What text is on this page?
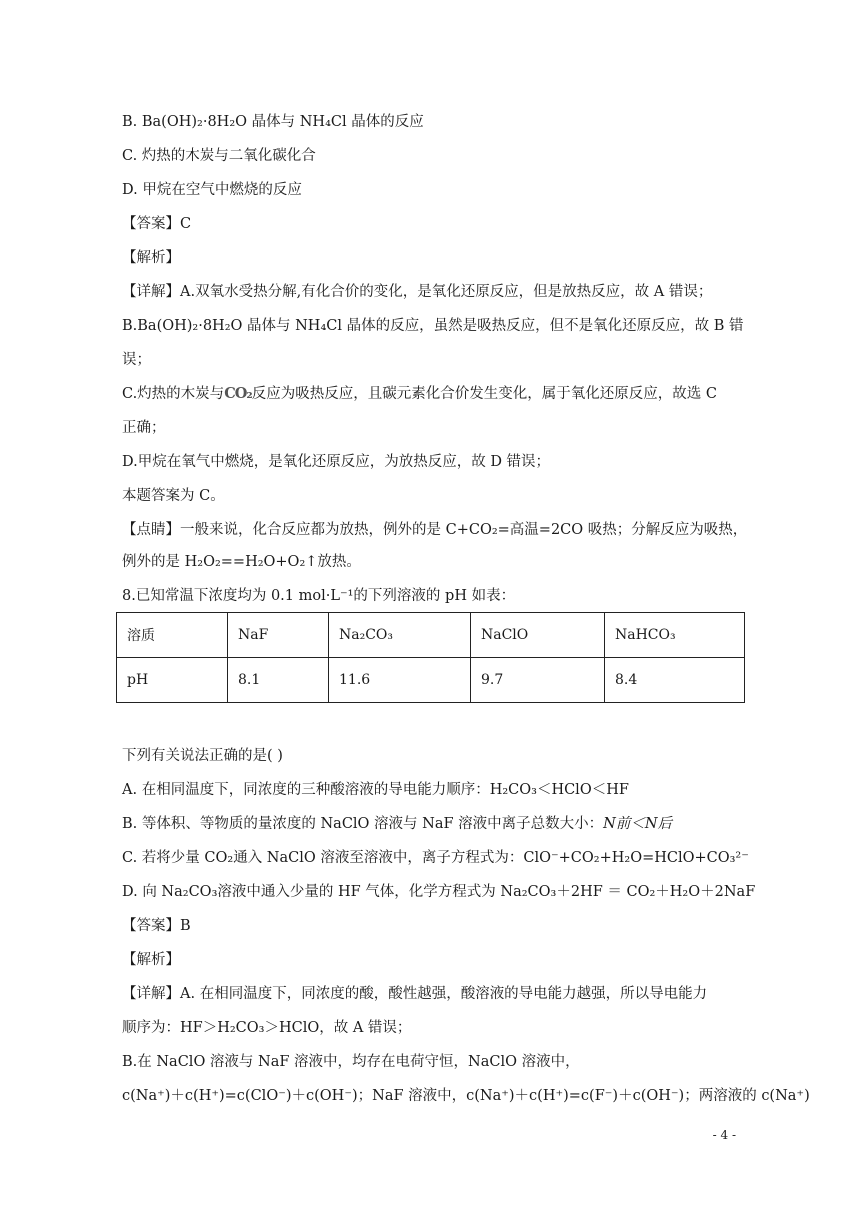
B. Ba(OH)₂·8H₂O 晶体与 NH₄Cl 晶体的反应
C. 灼热的木炭与二氧化碳化合
D. 甲烷在空气中燃烧的反应
【答案】C
【解析】
【详解】A.双氧水受热分解,有化合价的变化，是氧化还原反应，但是放热反应，故 A 错误；
B.Ba(OH)₂·8H₂O 晶体与 NH₄Cl 晶体的反应，虽然是吸热反应，但不是氧化还原反应，故 B 错
误；
C.灼热的木炭与CO₂反应为吸热反应，且碳元素化合价发生变化，属于氧化还原反应，故选 C
正确；
D.甲烷在氧气中燃烧，是氧化还原反应，为放热反应，故 D 错误；
本题答案为 C。
【点睛】一般来说，化合反应都为放热，例外的是 C+CO₂=高温=2CO 吸热；分解反应为吸热，
例外的是 H₂O₂==H₂O+O₂↑放热。
8.已知常温下浓度均为 0.1 mol·L⁻¹的下列溶液的 pH 如表：
溶质	NaF	Na₂CO₃	NaClO	NaHCO₃
pH	8.1	11.6	9.7	8.4
下列有关说法正确的是( )
A. 在相同温度下，同浓度的三种酸溶液的导电能力顺序：H₂CO₃＜HClO＜HF
B. 等体积、等物质的量浓度的 NaClO 溶液与 NaF 溶液中离子总数大小：N前＜N后
C. 若将少量 CO₂通入 NaClO 溶液至溶液中，离子方程式为：ClO⁻+CO₂+H₂O=HClO+CO₃²⁻
D. 向 Na₂CO₃溶液中通入少量的 HF 气体，化学方程式为 Na₂CO₃＋2HF ＝ CO₂＋H₂O＋2NaF
【答案】B
【解析】
【详解】A. 在相同温度下，同浓度的酸，酸性越强，酸溶液的导电能力越强，所以导电能力
顺序为：HF＞H₂CO₃＞HClO，故 A 错误；
B.在 NaClO 溶液与 NaF 溶液中，均存在电荷守恒，NaClO 溶液中，
c(Na⁺)＋c(H⁺)=c(ClO⁻)＋c(OH⁻)；NaF 溶液中，c(Na⁺)＋c(H⁺)=c(F⁻)＋c(OH⁻)；两溶液的 c(Na⁺)
- 4 -
